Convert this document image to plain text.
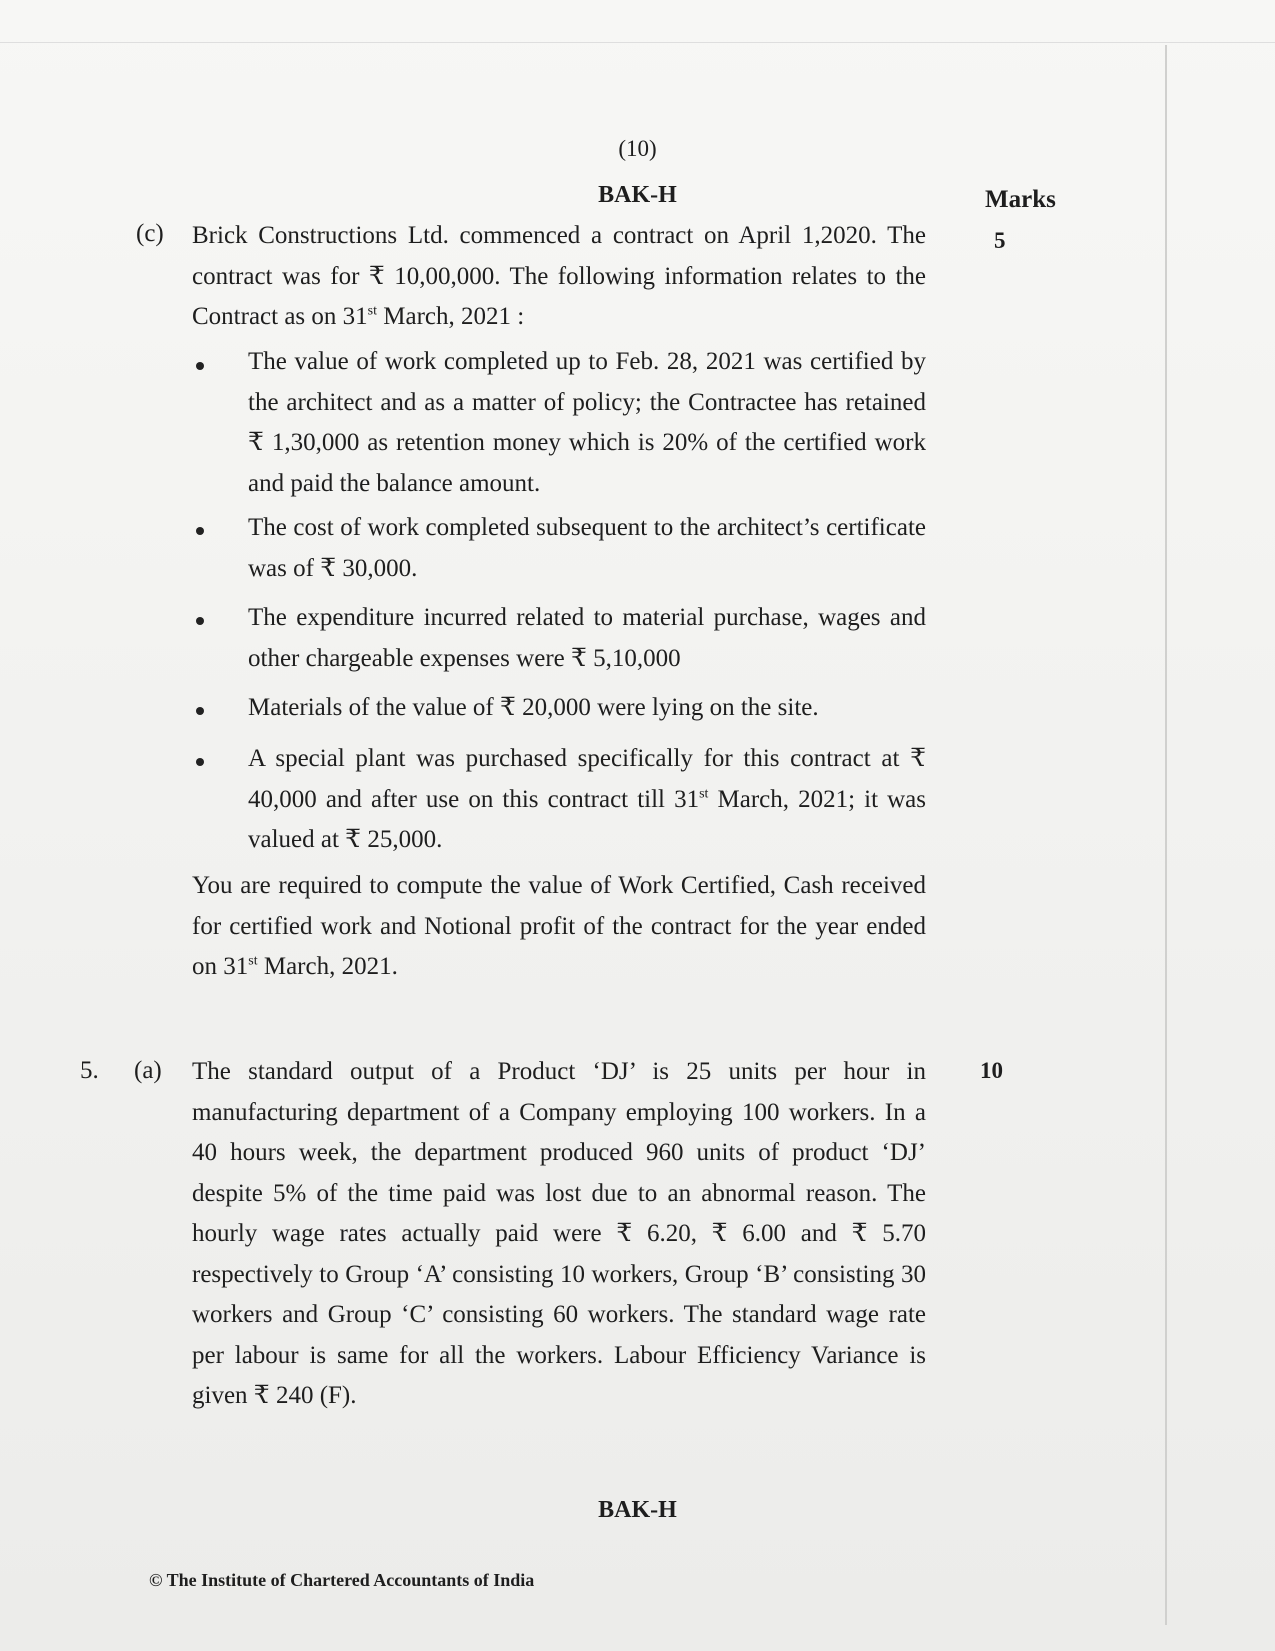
(10)
BAK-H	Marks
(c)	5

Brick Constructions Ltd. commenced a contract on April 1,2020. The contract was for ₹ 10,00,000. The following information relates to the Contract as on 31st March, 2021 :

The value of work completed up to Feb. 28, 2021 was certified by the architect and as a matter of policy; the Contractee has retained ₹ 1,30,000 as retention money which is 20% of the certified work and paid the balance amount.

The cost of work completed subsequent to the architect’s certificate was of ₹ 30,000.

The expenditure incurred related to material purchase, wages and other chargeable expenses were ₹ 5,10,000

Materials of the value of ₹ 20,000 were lying on the site.

A special plant was purchased specifically for this contract at ₹ 40,000 and after use on this contract till 31st March, 2021; it was valued at ₹ 25,000.

You are required to compute the value of Work Certified, Cash received for certified work and Notional profit of the contract for the year ended on 31st March, 2021.

5. (a)	10

The standard output of a Product ‘DJ’ is 25 units per hour in manufacturing department of a Company employing 100 workers. In a 40 hours week, the department produced 960 units of product ‘DJ’ despite 5% of the time paid was lost due to an abnormal reason. The hourly wage rates actually paid were ₹ 6.20, ₹ 6.00 and ₹ 5.70 respectively to Group ‘A’ consisting 10 workers, Group ‘B’ consisting 30 workers and Group ‘C’ consisting 60 workers. The standard wage rate per labour is same for all the workers. Labour Efficiency Variance is given ₹ 240 (F).

BAK-H
© The Institute of Chartered Accountants of India
